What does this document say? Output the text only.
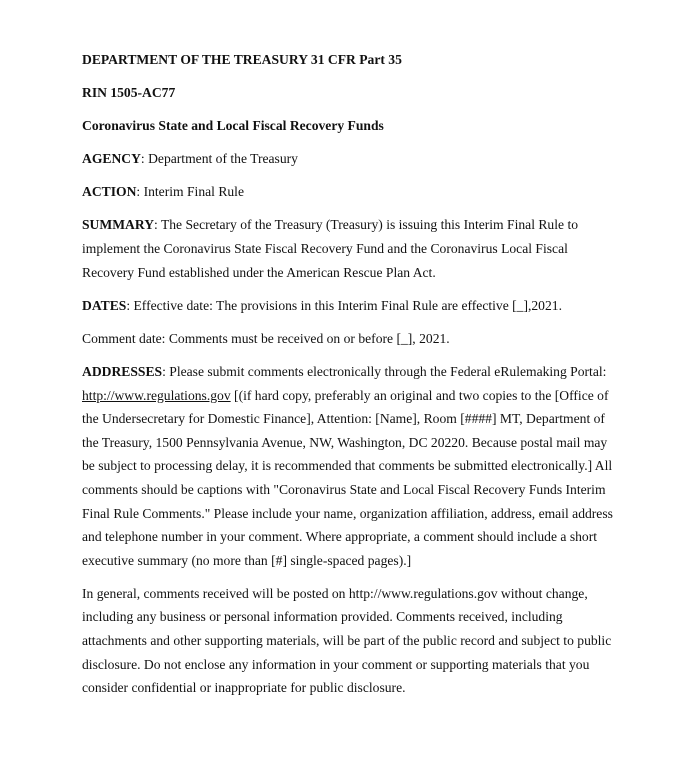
DEPARTMENT OF THE TREASURY 31 CFR Part 35

RIN 1505-AC77

Coronavirus State and Local Fiscal Recovery Funds

AGENCY: Department of the Treasury

ACTION: Interim Final Rule

SUMMARY: The Secretary of the Treasury (Treasury) is issuing this Interim Final Rule to implement the Coronavirus State Fiscal Recovery Fund and the Coronavirus Local Fiscal Recovery Fund established under the American Rescue Plan Act.

DATES: Effective date: The provisions in this Interim Final Rule are effective [_],2021.

Comment date: Comments must be received on or before [_], 2021.

ADDRESSES: Please submit comments electronically through the Federal eRulemaking Portal: http://www.regulations.gov [(if hard copy, preferably an original and two copies to the [Office of the Undersecretary for Domestic Finance], Attention: [Name], Room [####] MT, Department of the Treasury, 1500 Pennsylvania Avenue, NW, Washington, DC 20220. Because postal mail may be subject to processing delay, it is recommended that comments be submitted electronically.] All comments should be captions with "Coronavirus State and Local Fiscal Recovery Funds Interim Final Rule Comments." Please include your name, organization affiliation, address, email address and telephone number in your comment. Where appropriate, a comment should include a short executive summary (no more than [#] single-spaced pages).]

In general, comments received will be posted on http://www.regulations.gov without change, including any business or personal information provided. Comments received, including attachments and other supporting materials, will be part of the public record and subject to public disclosure. Do not enclose any information in your comment or supporting materials that you consider confidential or inappropriate for public disclosure.
